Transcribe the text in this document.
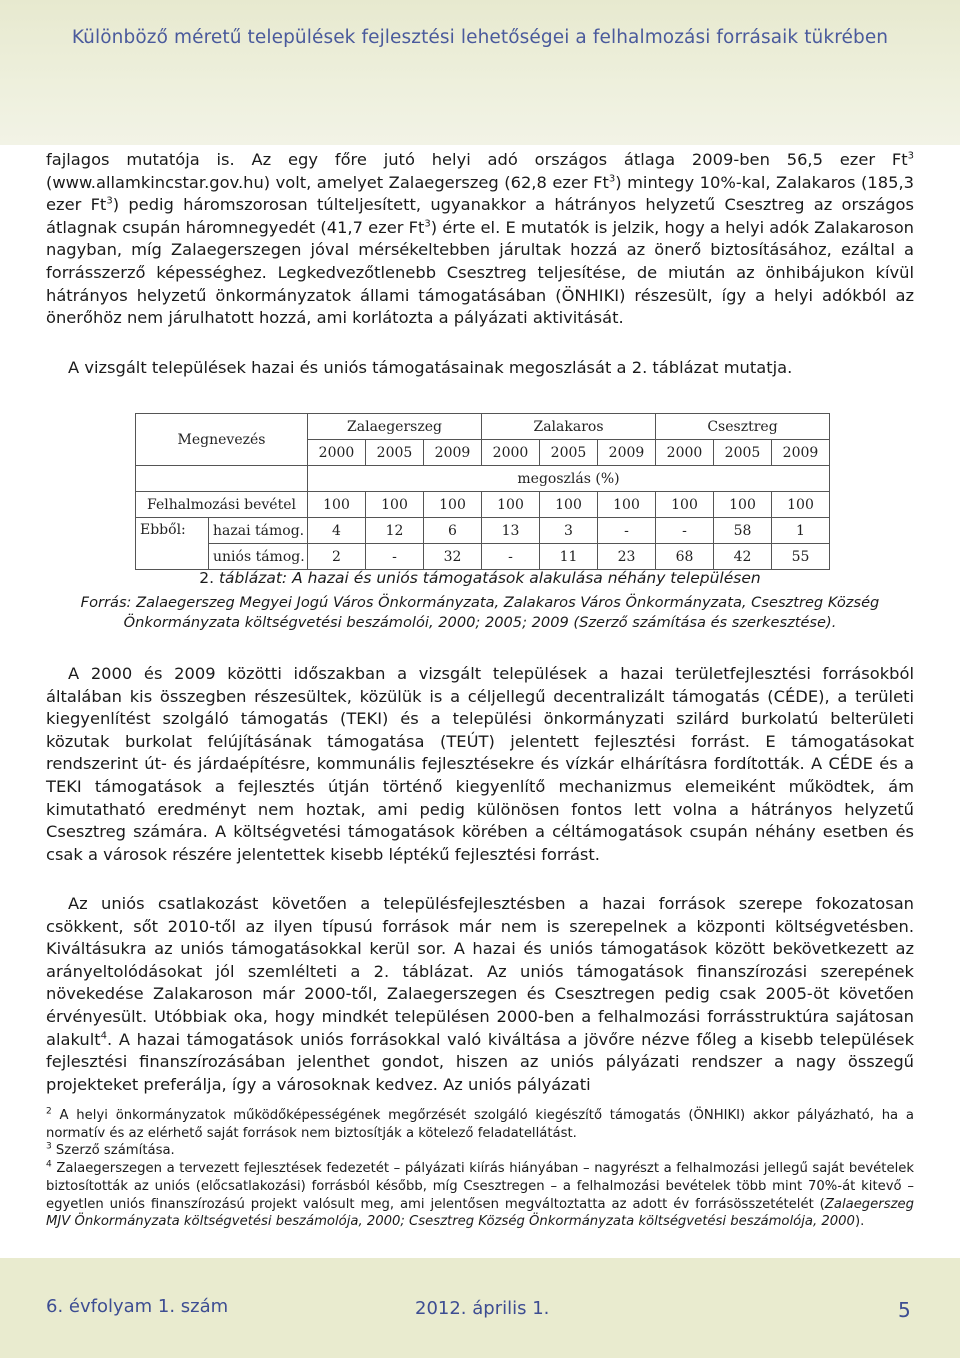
Különböző méretű települések fejlesztési lehetőségei a felhalmozási forrásaik tükrében

fajlagos mutatója is. Az egy főre jutó helyi adó országos átlaga 2009-ben 56,5 ezer Ft$^3$ (www.allamkincstar.gov.hu) volt, amelyet Zalaegerszeg (62,8 ezer Ft$^3$) mintegy 10%-kal, Zalakaros (185,3 ezer Ft$^3$) pedig háromszorosan túlteljesített, ugyanakkor a hátrányos helyzetű Csesztreg az országos átlagnak csupán háromnegyedét (41,7 ezer Ft$^3$) érte el. E mutatók is jelzik, hogy a helyi adók Zalakaroson nagyban, míg Zalaegerszegen jóval mérsékeltebben járultak hozzá az önerő biztosításához, ezáltal a forrásszerző képességhez. Legkedvezőtlenebb Csesztreg teljesítése, de miután az önhibájukon kívül hátrányos helyzetű önkormányzatok állami támogatásában (ÖNHIKI) részesült, így a helyi adókból az önerőhöz nem járulhatott hozzá, ami korlátozta a pályázati aktivitását.

A vizsgált települések hazai és uniós támogatásainak megoszlását a 2. táblázat mutatja.

Megnevezés		Zalaegerszeg			Zalakaros			Csesztreg		
		2000	2005	2009	2000	2005	2009	2000	2005	2009
		megoszlás (%)								
Felhalmozási bevétel		100	100	100	100	100	100	100	100	100
Ebből:	hazai támog.	4	12	6	13	3	-	-	58	1
	uniós támog.	2	-	32	-	11	23	68	42	55
2. táblázat: A hazai és uniós támogatások alakulása néhány településen
Forrás: Zalaegerszeg Megyei Jogú Város Önkormányzata, Zalakaros Város Önkormányzata, Csesztreg Község Önkormányzata költségvetési beszámolói, 2000; 2005; 2009 (Szerző számítása és szerkesztése).

A 2000 és 2009 közötti időszakban a vizsgált települések a hazai területfejlesztési forrásokból általában kis összegben részesültek, közülük is a céljellegű decentralizált támogatás (CÉDE), a területi kiegyenlítést szolgáló támogatás (TEKI) és a települési önkormányzati szilárd burkolatú belterületi közutak burkolat felújításának támogatása (TEÚT) jelentett fejlesztési forrást. E támogatásokat rendszerint út- és járdaépítésre, kommunális fejlesztésekre és vízkár elhárításra fordították. A CÉDE és a TEKI támogatások a fejlesztés útján történő kiegyenlítő mechanizmus elemeiként működtek, ám kimutatható eredményt nem hoztak, ami pedig különösen fontos lett volna a hátrányos helyzetű Csesztreg számára. A költségvetési támogatások körében a céltámogatások csupán néhány esetben és csak a városok részére jelentettek kisebb léptékű fejlesztési forrást.

Az uniós csatlakozást követően a településfejlesztésben a hazai források szerepe fokozatosan csökkent, sőt 2010-től az ilyen típusú források már nem is szerepelnek a központi költségvetésben. Kiváltásukra az uniós támogatásokkal kerül sor. A hazai és uniós támogatások között bekövetkezett az arányeltolódásokat jól szemlélteti a 2. táblázat. Az uniós támogatások finanszírozási szerepének növekedése Zalakaroson már 2000-től, Zalaegerszegen és Csesztregen pedig csak 2005-öt követően érvényesült. Utóbbiak oka, hogy mindkét településen 2000-ben a felhalmozási forrásstruktúra sajátosan alakult$^4$. A hazai támogatások uniós forrásokkal való kiváltása a jövőre nézve főleg a kisebb települések fejlesztési finanszírozásában jelenthet gondot, hiszen az uniós pályázati rendszer a nagy összegű projekteket preferálja, így a városoknak kedvez. Az uniós pályázati

$^2$ A helyi önkormányzatok működőképességének megőrzését szolgáló kiegészítő támogatás (ÖNHIKI) akkor pályázható, ha a normatív és az elérhető saját források nem biztosítják a kötelező feladatellátást.

$^3$ Szerző számítása.

$^4$ Zalaegerszegen a tervezett fejlesztések fedezetét – pályázati kiírás hiányában – nagyrészt a felhalmozási jellegű saját bevételek biztosították az uniós (előcsatlakozási) forrásból később, míg Csesztregen – a felhalmozási bevételek több mint 70%-át kitevő – egyetlen uniós finanszírozású projekt valósult meg, ami jelentősen megváltoztatta az adott év forrásösszetételét (Zalaegerszeg MJV Önkormányzata költségvetési beszámolója, 2000; Csesztreg Község Önkormányzata költségvetési beszámolója, 2000).

6. évfolyam 1. szám	2012. április 1.	5
